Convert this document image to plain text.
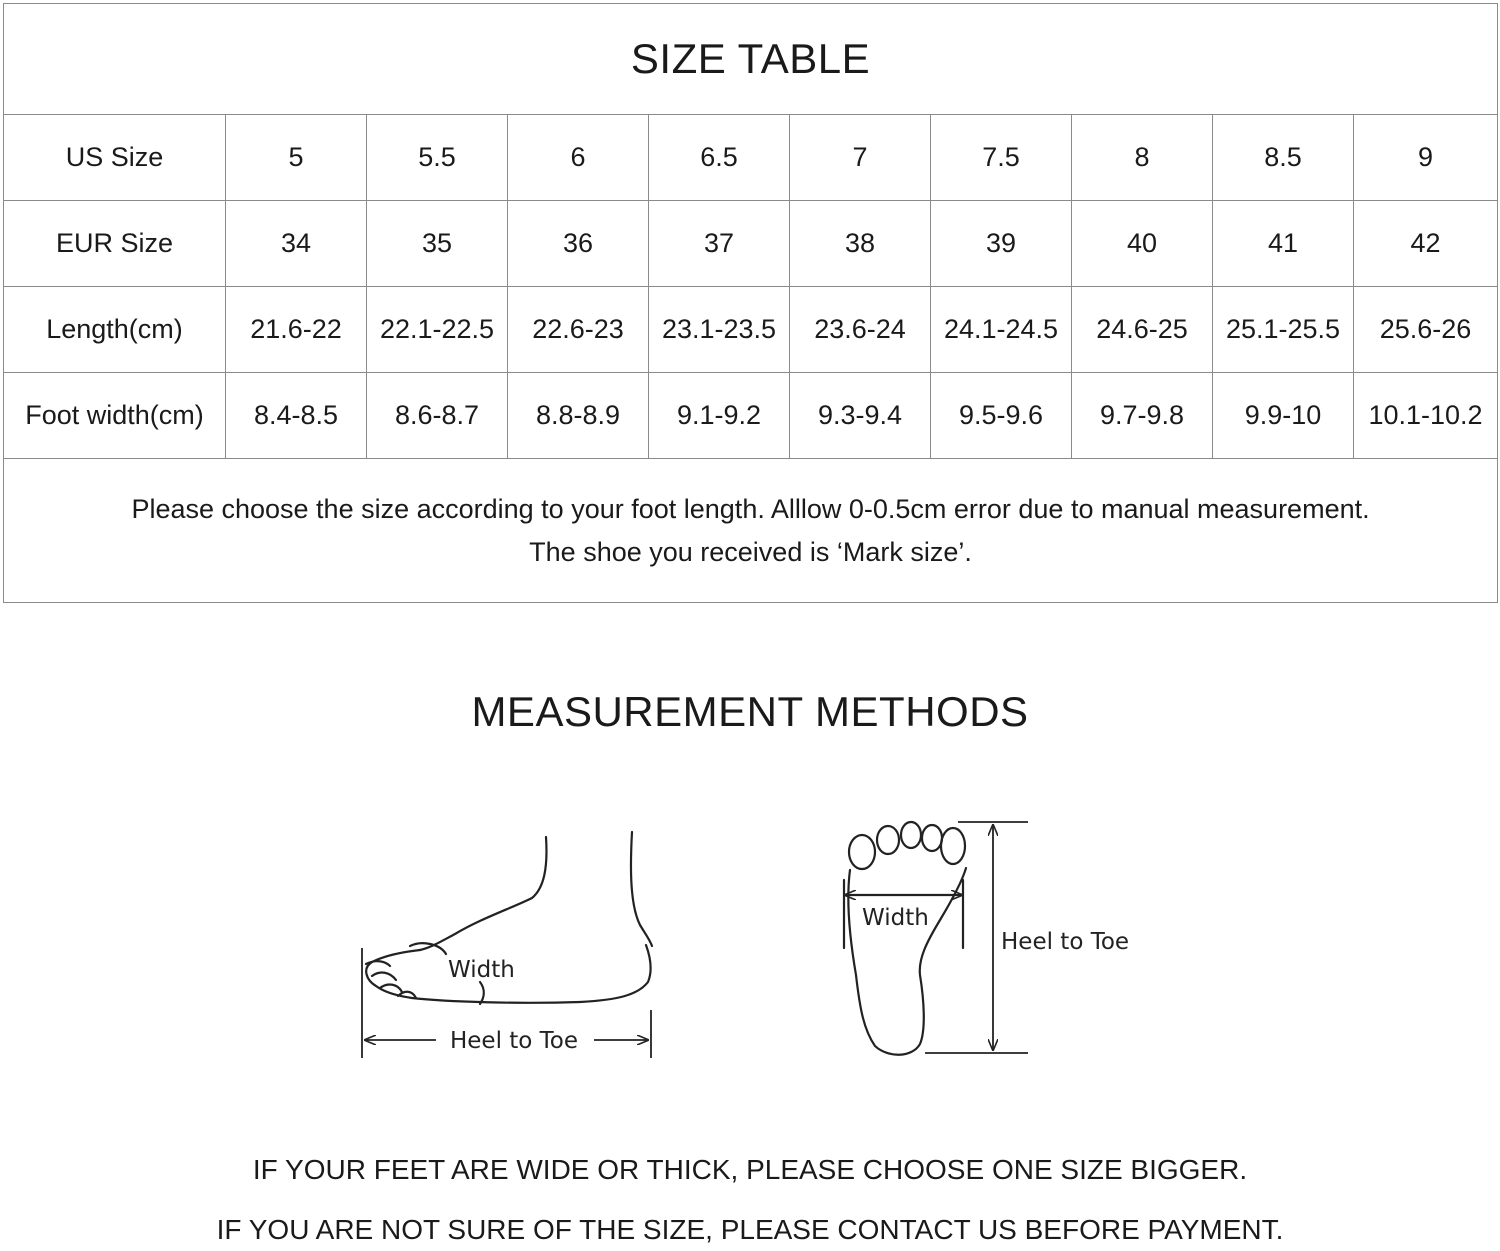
SIZE TABLE									
US Size	5	5.5	6	6.5	7	7.5	8	8.5	9
EUR Size	34	35	36	37	38	39	40	41	42
Length(cm)	21.6-22	22.1-22.5	22.6-23	23.1-23.5	23.6-24	24.1-24.5	24.6-25	25.1-25.5	25.6-26
Foot width(cm)	8.4-8.5	8.6-8.7	8.8-8.9	9.1-9.2	9.3-9.4	9.5-9.6	9.7-9.8	9.9-10	10.1-10.2

Please choose the size according to your foot length. Alllow 0-0.5cm error due to manual measurement.
The shoe you received is ‘Mark size’.									
MEASUREMENT METHODS
Width
Heel to Toe
Width
Heel to Toe
IF YOUR FEET ARE WIDE OR THICK, PLEASE CHOOSE ONE SIZE BIGGER.
IF YOU ARE NOT SURE OF THE SIZE, PLEASE CONTACT US BEFORE PAYMENT.
